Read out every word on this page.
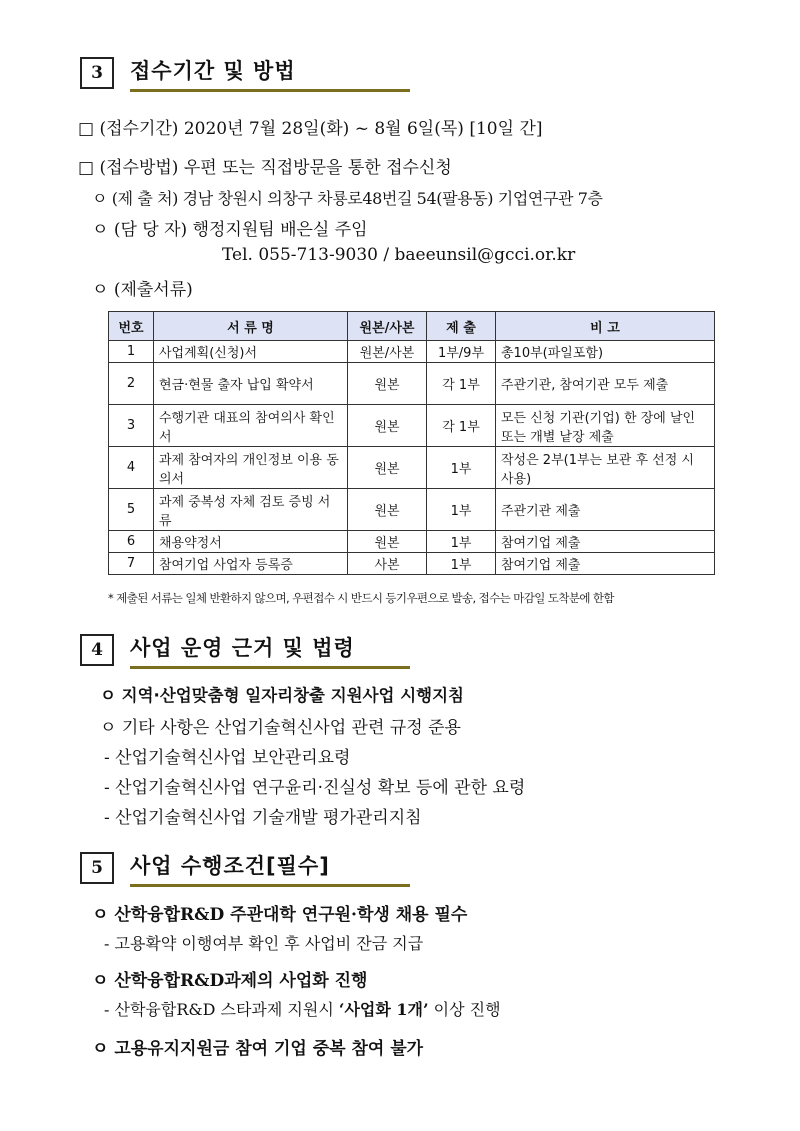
3	접수기간 및 방법
□ (접수기간) 2020년 7월 28일(화) ~ 8월 6일(목) [10일 간]
□ (접수방법) 우편 또는 직접방문을 통한 접수신청
ㅇ (제 출 처) 경남 창원시 의창구 차룡로48번길 54(팔용동) 기업연구관 7층
ㅇ (담 당 자) 행정지원팀 배은실 주임
Tel. 055-713-9030 / baeeunsil@gcci.or.kr
ㅇ (제출서류)
번호	서 류 명	원본/사본	제 출	비 고
1	사업계획(신청)서	원본/사본	1부/9부	총10부(파일포함)
2	현금·현물 출자 납입 확약서	원본	각 1부	주관기관, 참여기관 모두 제출
3	수행기관 대표의 참여의사 확인서	원본	각 1부	모든 신청 기관(기업) 한 장에 날인 또는 개별 낱장 제출
4	과제 참여자의 개인정보 이용 동의서	원본	1부	작성은 2부(1부는 보관 후 선정 시 사용)
5	과제 중복성 자체 검토 증빙 서류	원본	1부	주관기관 제출
6	채용약정서	원본	1부	참여기업 제출
7	참여기업 사업자 등록증	사본	1부	참여기업 제출
* 제출된 서류는 일체 반환하지 않으며, 우편접수 시 반드시 등기우편으로 발송, 접수는 마감일 도착분에 한함
4	사업 운영 근거 및 법령
ㅇ 지역·산업맞춤형 일자리창출 지원사업 시행지침
ㅇ 기타 사항은 산업기술혁신사업 관련 규정 준용
- 산업기술혁신사업 보안관리요령
- 산업기술혁신사업 연구윤리·진실성 확보 등에 관한 요령
- 산업기술혁신사업 기술개발 평가관리지침
5	사업 수행조건[필수]
ㅇ 산학융합R&D 주관대학 연구원·학생 채용 필수
- 고용확약 이행여부 확인 후 사업비 잔금 지급
ㅇ 산학융합R&D과제의 사업화 진행
- 산학융합R&D 스타과제 지원시 ‘사업화 1개’ 이상 진행
ㅇ 고용유지지원금 참여 기업 중복 참여 불가
